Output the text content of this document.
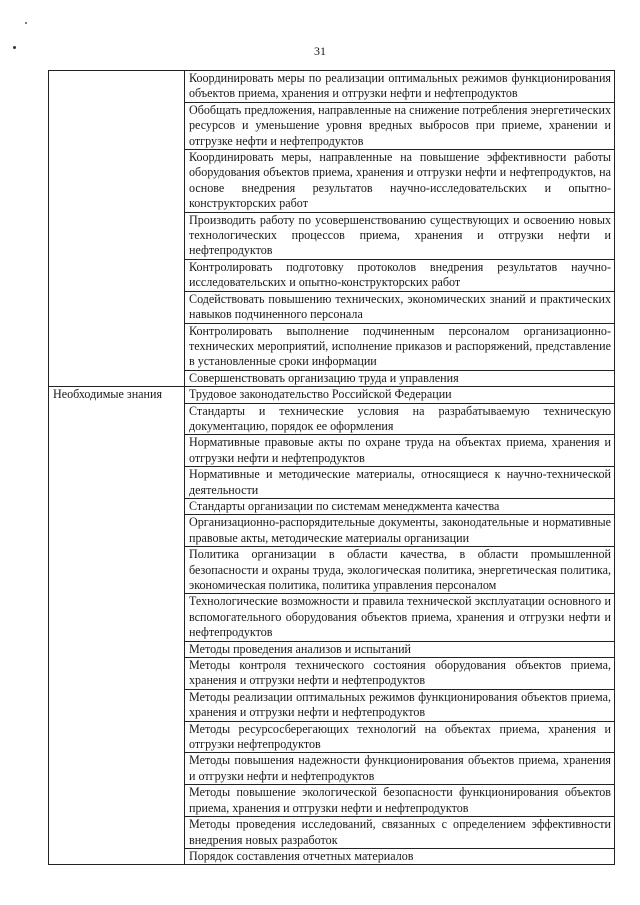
31
	Координировать меры по реализации оптимальных режимов функционирования объектов приема, хранения и отгрузки нефти и нефтепродуктов
	Обобщать предложения, направленные на снижение потребления энергетических ресурсов и уменьшение уровня вредных выбросов при приеме, хранении и отгрузке нефти и нефтепродуктов
	Координировать меры, направленные на повышение эффективности работы оборудования объектов приема, хранения и отгрузки нефти и нефтепродуктов, на основе внедрения результатов научно-исследовательских и опытно-конструкторских работ
	Производить работу по усовершенствованию существующих и освоению новых технологических процессов приема, хранения и отгрузки нефти и нефтепродуктов
	Контролировать подготовку протоколов внедрения результатов научно-исследовательских и опытно-конструкторских работ
	Содействовать повышению технических, экономических знаний и практических навыков подчиненного персонала
	Контролировать выполнение подчиненным персоналом организационно-технических мероприятий, исполнение приказов и распоряжений, представление в установленные сроки информации
	Совершенствовать организацию труда и управления
Необходимые знания	Трудовое законодательство Российской Федерации
	Стандарты и технические условия на разрабатываемую техническую документацию, порядок ее оформления
	Нормативные правовые акты по охране труда на объектах приема, хранения и отгрузки нефти и нефтепродуктов
	Нормативные и методические материалы, относящиеся к научно-технической деятельности
	Стандарты организации по системам менеджмента качества
	Организационно-распорядительные документы, законодательные и нормативные правовые акты, методические материалы организации
	Политика организации в области качества, в области промышленной безопасности и охраны труда, экологическая политика, энергетическая политика, экономическая политика, политика управления персоналом
	Технологические возможности и правила технической эксплуатации основного и вспомогательного оборудования объектов приема, хранения и отгрузки нефти и нефтепродуктов
	Методы проведения анализов и испытаний
	Методы контроля технического состояния оборудования объектов приема, хранения и отгрузки нефти и нефтепродуктов
	Методы реализации оптимальных режимов функционирования объектов приема, хранения и отгрузки нефти и нефтепродуктов
	Методы ресурсосберегающих технологий на объектах приема, хранения и отгрузки нефтепродуктов
	Методы повышения надежности функционирования объектов приема, хранения и отгрузки нефти и нефтепродуктов
	Методы повышение экологической безопасности функционирования объектов приема, хранения и отгрузки нефти и нефтепродуктов
	Методы проведения исследований, связанных с определением эффективности внедрения новых разработок
	Порядок составления отчетных материалов
